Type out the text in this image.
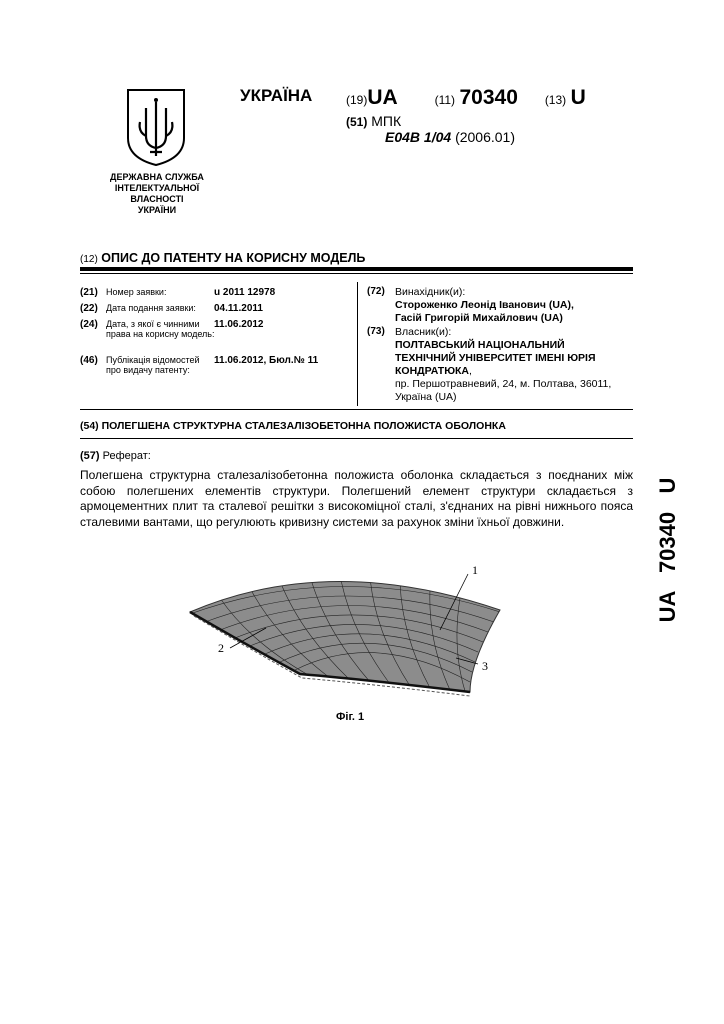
ДЕРЖАВНА СЛУЖБА
ІНТЕЛЕКТУАЛЬНОЇ
ВЛАСНОСТІ
УКРАЇНИ
УКРАЇНА	(19)UA	(11) 70340 (13) U
(51) МПК
E04B 1/04 (2006.01)
(12) ОПИС ДО ПАТЕНТУ НА КОРИСНУ МОДЕЛЬ
(21) Номер заявки:	u 2011 12978
(22) Дата подання заявки:	04.11.2011
(24) Дата, з якої є чинними права на корисну модель:
11.06.2012
(46) Публікація відомостей про видачу патенту:
11.06.2012, Бюл.№ 11
(72) Винахідник(и):
Стороженко Леонід Іванович (UA),
Гасій Григорій Михайлович (UA)
(73) Власник(и):
ПОЛТАВСЬКИЙ НАЦІОНАЛЬНИЙ
ТЕХНІЧНИЙ УНІВЕРСИТЕТ ІМЕНІ ЮРІЯ
КОНДРАТЮКА,
пр. Першотравневий, 24, м. Полтава, 36011,
Україна (UA)
(54) ПОЛЕГШЕНА СТРУКТУРНА СТАЛЕЗАЛІЗОБЕТОННА ПОЛОЖИСТА ОБОЛОНКА
(57) Реферат:
Полегшена структурна сталезалізобетонна положиста оболонка складається з поєднаних між собою полегшених елементів структури. Полегшений елемент структури складається з армоцементних плит та сталевої решітки з високоміцної сталі, з'єднаних на рівні нижнього пояса сталевими вантами, що регулюють кривизну системи за рахунок зміни їхньої довжини.	UA   70340   U
1
2
3
Фіг. 1
